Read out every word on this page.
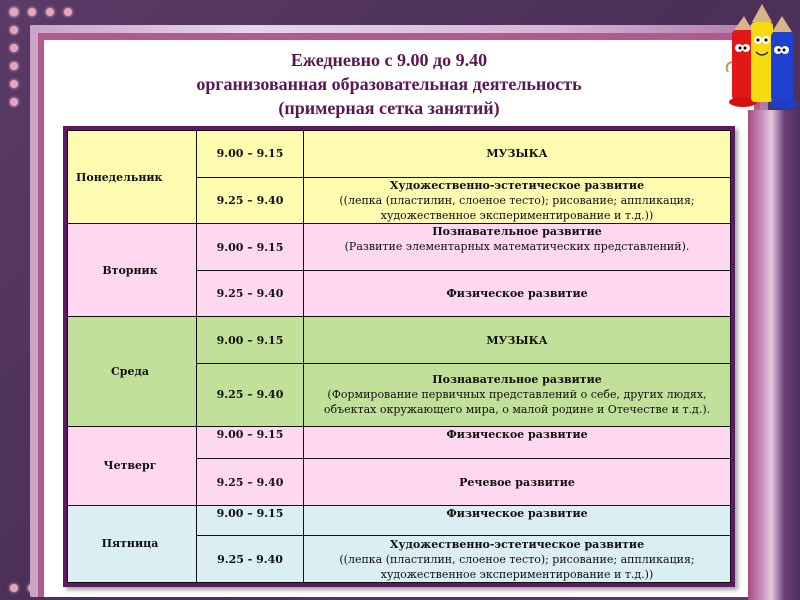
Ежедневно с 9.00 до 9.40
организованная образовательная деятельность
(примерная сетка занятий)
Понедельник	9.00 – 9.15	МУЗЫКА
	9.25 – 9.40	Художественно-эстетическое развитие
((лепка (пластилин, слоеное тесто); рисование; аппликация; художественное экспериментирование и т.д.))

Вторник	9.00 – 9.15	Познавательное развитие
(Развитие элементарных математических представлений).

	9.25 – 9.40	Физическое развитие
Среда	9.00 – 9.15	МУЗЫКА
	9.25 – 9.40	Познавательное развитие
(Формирование первичных представлений о себе, других людях, объектах окружающего мира, о малой родине и Отечестве и т.д.).

Четверг	9.00 – 9.15	Физическое развитие
	9.25 – 9.40	Речевое развитие
Пятница	9.00 – 9.15	Физическое развитие
	9.25 - 9.40	Художественно-эстетическое развитие
((лепка (пластилин, слоеное тесто); рисование; аппликация; художественное экспериментирование и т.д.))
